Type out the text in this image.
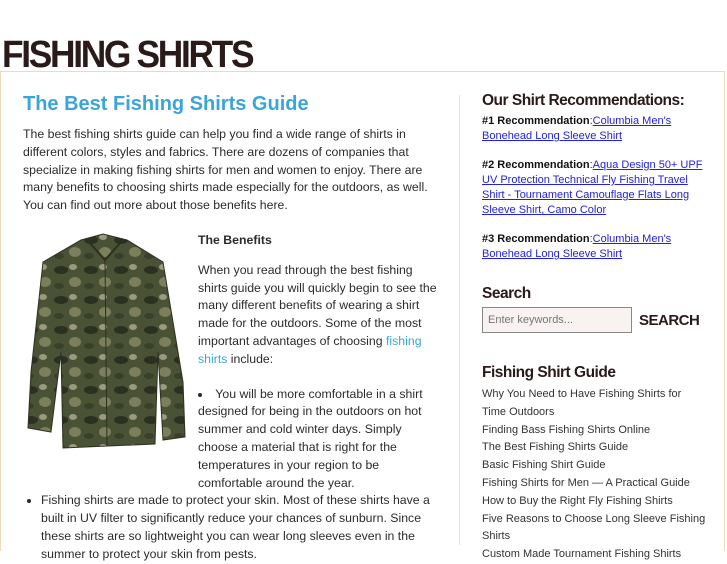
FISHING SHIRTS
The Best Fishing Shirts Guide

The best fishing shirts guide can help you find a wide range of shirts in different colors, styles and fabrics. There are dozens of companies that specialize in making fishing shirts for men and women to enjoy. There are many benefits to choosing shirts made especially for the outdoors, as well. You can find out more about those benefits here.

The Benefits

When you read through the best fishing shirts guide you will quickly begin to see the many different benefits of wearing a shirt made for the outdoors. Some of the most important advantages of choosing fishing shirts include:

• You will be more comfortable in a shirt designed for being in the outdoors on hot summer and cold winter days. Simply choose a material that is right for the temperatures in your region to be comfortable around the year.
• Fishing shirts are made to protect your skin. Most of these shirts have a built in UV filter to significantly reduce your chances of sunburn. Since these shirts are so lightweight you can wear long sleeves even in the summer to protect your skin from pests.
Our Shirt Recommendations:
#1 Recommendation:Columbia Men's Bonehead Long Sleeve Shirt
#2 Recommendation:Aqua Design 50+ UPF UV Protection Technical Fly Fishing Travel Shirt - Tournament Camouflage Flats Long Sleeve Shirt, Camo Color
#3 Recommendation:Columbia Men's Bonehead Long Sleeve Shirt
Search
Enter keywords...
SEARCH
Fishing Shirt Guide
Why You Need to Have Fishing Shirts for Time Outdoors
Finding Bass Fishing Shirts Online
The Best Fishing Shirts Guide
Basic Fishing Shirt Guide
Fishing Shirts for Men — A Practical Guide
How to Buy the Right Fly Fishing Shirts
Five Reasons to Choose Long Sleeve Fishing Shirts
Custom Made Tournament Fishing Shirts
